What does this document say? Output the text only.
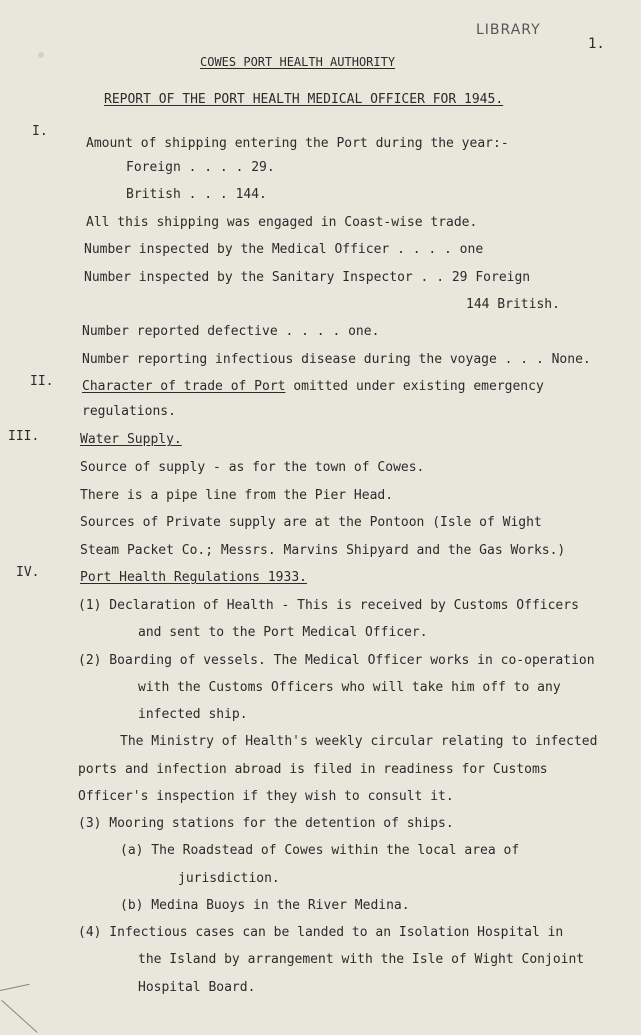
LIBRARY
1.
COWES PORT HEALTH AUTHORITY
REPORT OF THE PORT HEALTH MEDICAL OFFICER FOR 1945.
I.
Amount of shipping entering the Port during the year:-
Foreign . . . . 29.
British . . . 144.
All this shipping was engaged in Coast-wise trade.
Number inspected by the Medical Officer . . . . one
Number inspected by the Sanitary Inspector . . 29 Foreign
144 British.
Number reported defective . . . . one.
Number reporting infectious disease during the voyage . . . None.
II. Character of trade of Port omitted under existing emergency
regulations.
III.	Water Supply.
Source of supply - as for the town of Cowes.
There is a pipe line from the Pier Head.
Sources of Private supply are at the Pontoon (Isle of Wight
Steam Packet Co.; Messrs. Marvins Shipyard and the Gas Works.)
IV.	Port Health Regulations 1933.
(1) Declaration of Health - This is received by Customs Officers
and sent to the Port Medical Officer.
(2) Boarding of vessels. The Medical Officer works in co-operation
with the Customs Officers who will take him off to any
infected ship.
The Ministry of Health's weekly circular relating to infected
ports and infection abroad is filed in readiness for Customs
Officer's inspection if they wish to consult it.
(3) Mooring stations for the detention of ships.
(a) The Roadstead of Cowes within the local area of
jurisdiction.
(b) Medina Buoys in the River Medina.
(4) Infectious cases can be landed to an Isolation Hospital in
the Island by arrangement with the Isle of Wight Conjoint
Hospital Board.
